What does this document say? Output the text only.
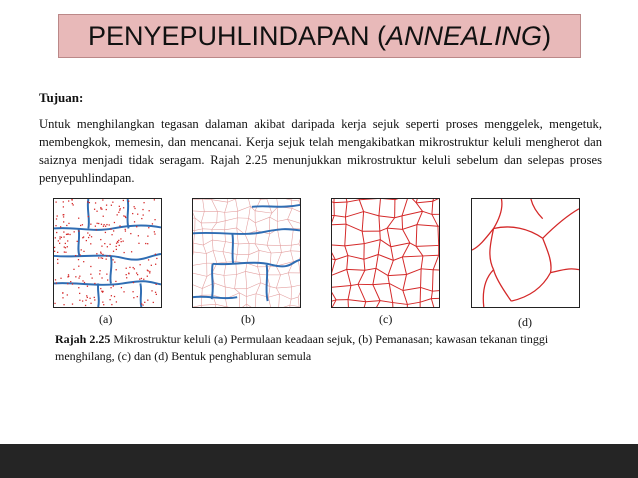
PENYEPUHLINDAPAN (ANNEALING)
Tujuan:
Untuk menghilangkan tegasan dalaman akibat daripada kerja sejuk seperti proses menggelek, mengetuk, membengkok, memesin, dan mencanai. Kerja sejuk telah mengakibatkan mikrostruktur keluli mengherot dan saiznya menjadi tidak seragam. Rajah 2.25 menunjukkan mikrostruktur keluli sebelum dan selepas proses penyepuhlindapan.
(a)	(b)	(c)	(d)
Rajah 2.25 Mikrostruktur keluli (a) Permulaan keadaan sejuk, (b) Pemanasan; kawasan tekanan tinggi menghilang, (c) dan (d) Bentuk penghabluran semula
